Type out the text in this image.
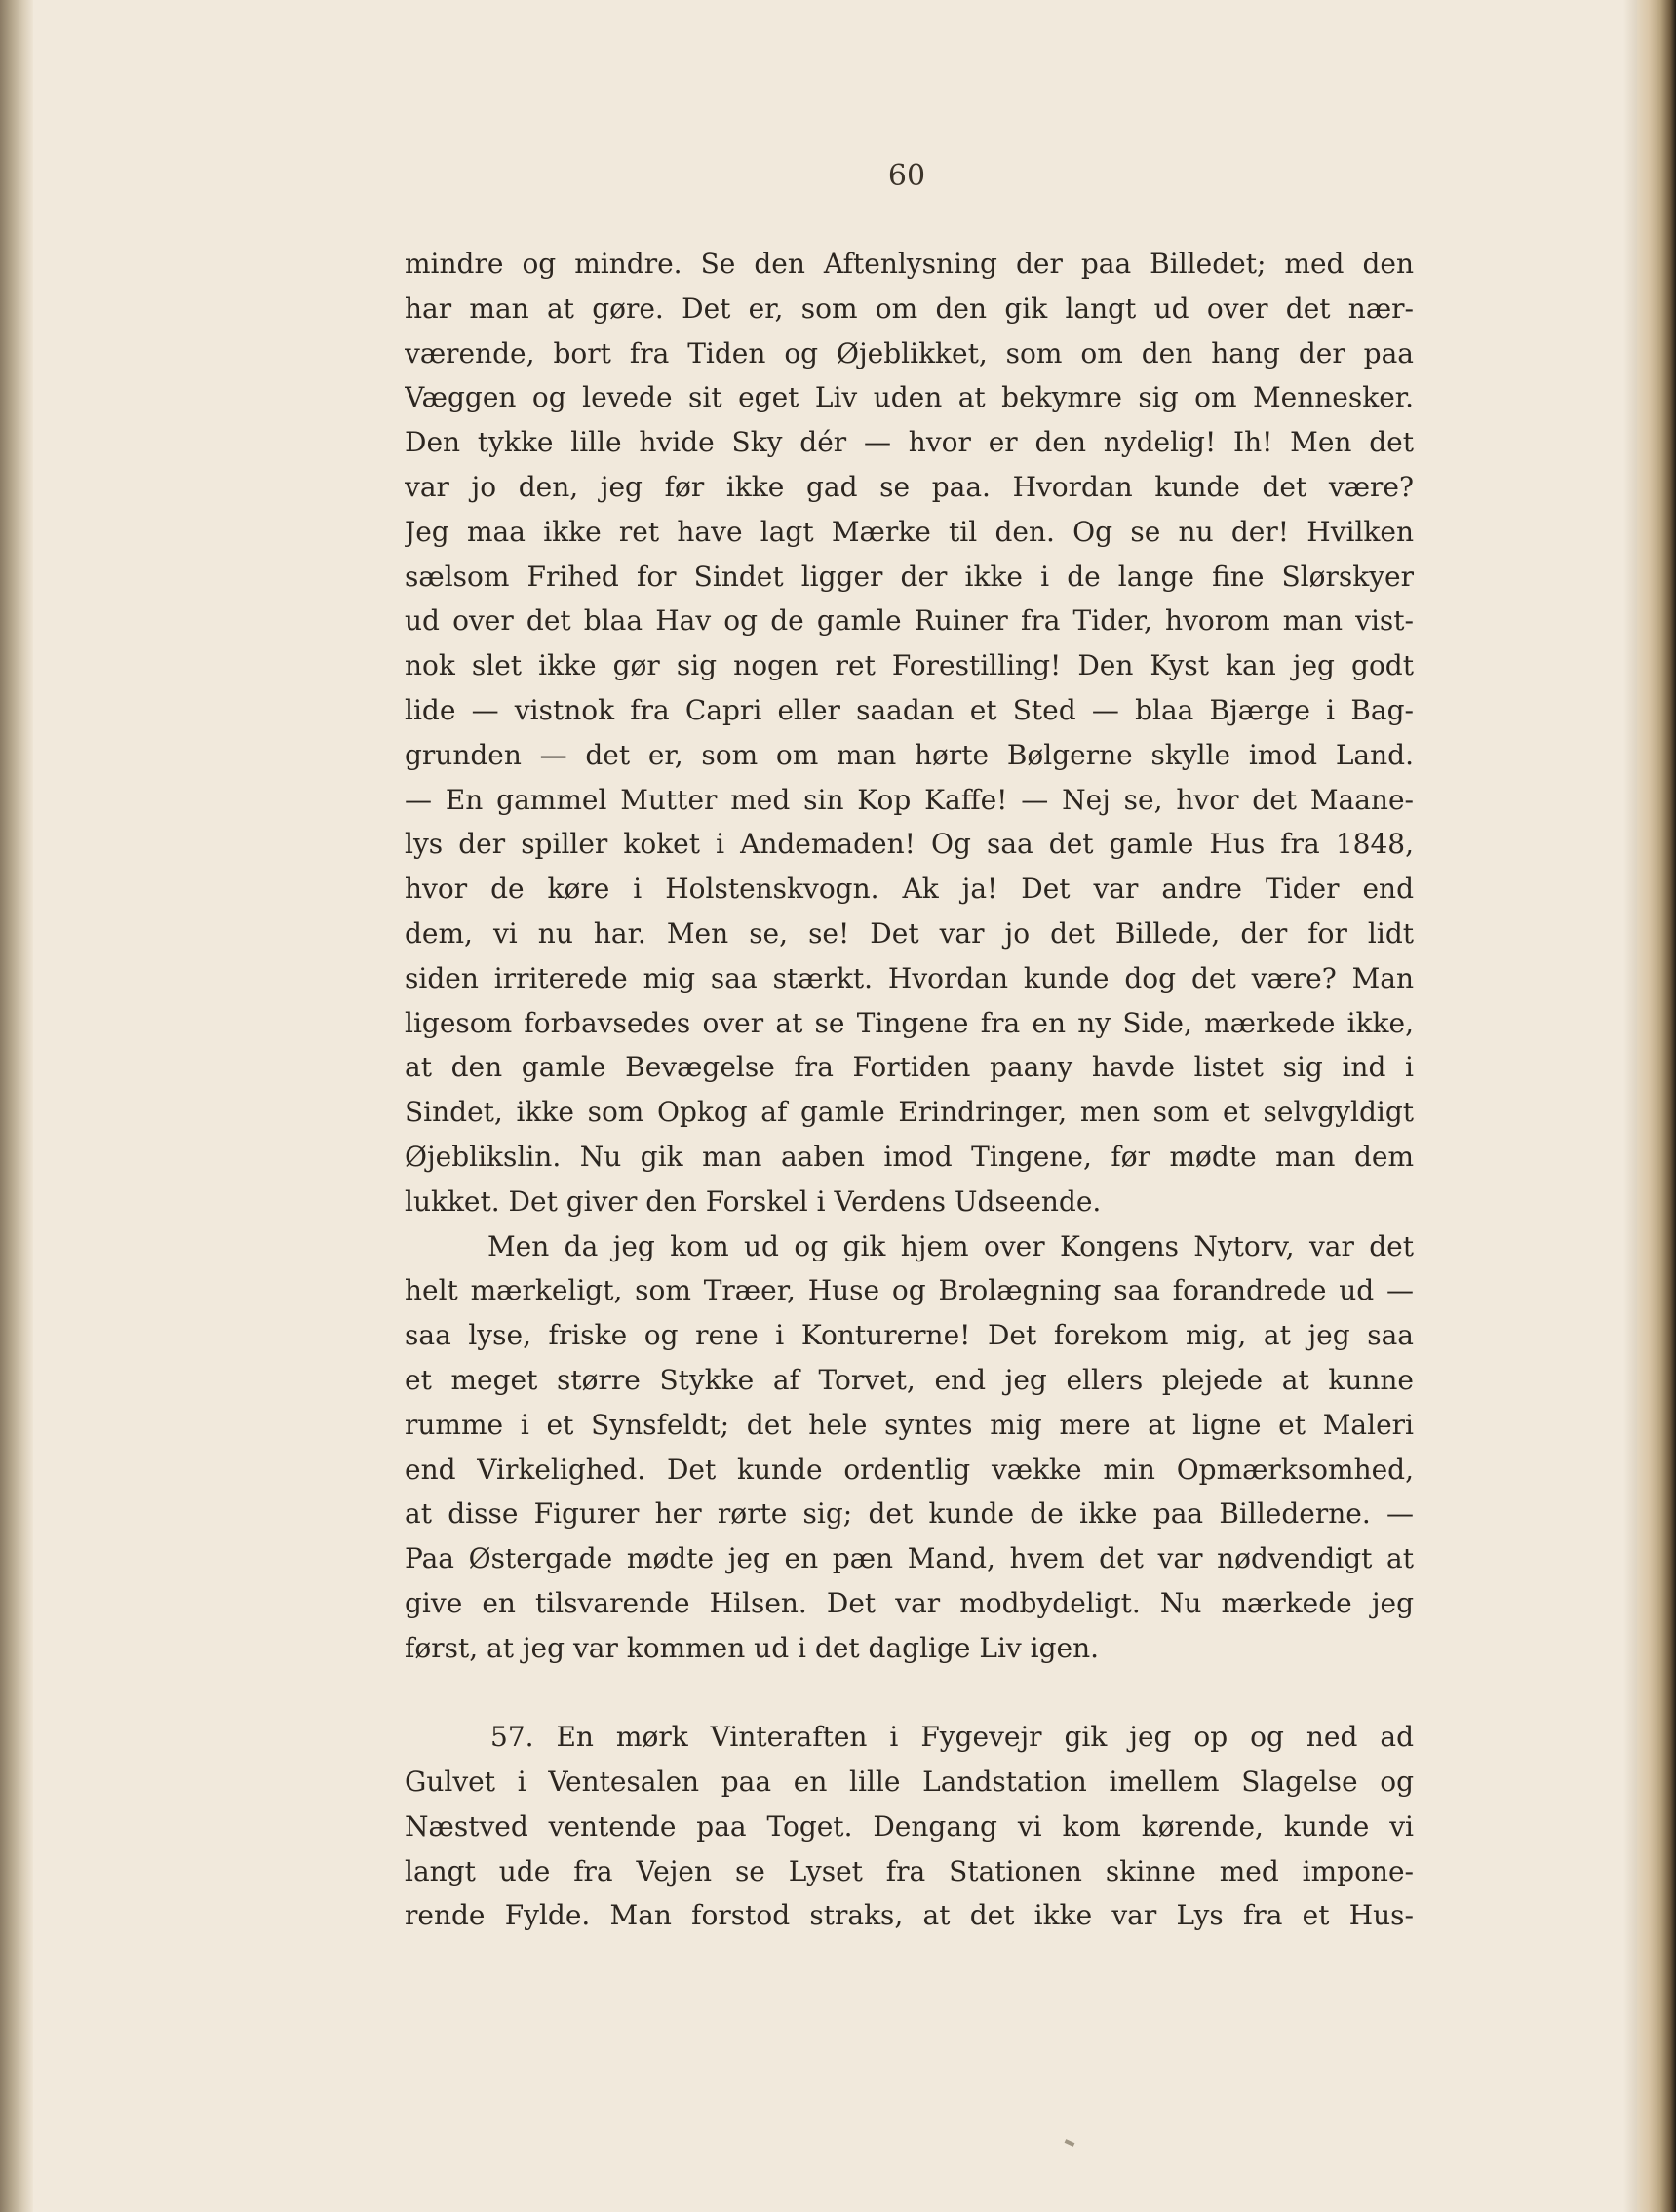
60

mindre og mindre. Se den Aftenlysning der paa Billedet; med den
har man at gøre. Det er, som om den gik langt ud over det nær-
værende, bort fra Tiden og Øjeblikket, som om den hang der paa
Væggen og levede sit eget Liv uden at bekymre sig om Mennesker.
Den tykke lille hvide Sky dér — hvor er den nydelig! Ih! Men det
var jo den, jeg før ikke gad se paa. Hvordan kunde det være?
Jeg maa ikke ret have lagt Mærke til den. Og se nu der! Hvilken
sælsom Frihed for Sindet ligger der ikke i de lange fine Slørskyer
ud over det blaa Hav og de gamle Ruiner fra Tider, hvorom man vist-
nok slet ikke gør sig nogen ret Forestilling! Den Kyst kan jeg godt
lide — vistnok fra Capri eller saadan et Sted — blaa Bjærge i Bag-
grunden — det er, som om man hørte Bølgerne skylle imod Land.
— En gammel Mutter med sin Kop Kaffe! — Nej se, hvor det Maane-
lys der spiller koket i Andemaden! Og saa det gamle Hus fra 1848,
hvor de køre i Holstenskvogn. Ak ja! Det var andre Tider end
dem, vi nu har. Men se, se! Det var jo det Billede, der for lidt
siden irriterede mig saa stærkt. Hvordan kunde dog det være? Man
ligesom forbavsedes over at se Tingene fra en ny Side, mærkede ikke,
at den gamle Bevægelse fra Fortiden paany havde listet sig ind i
Sindet, ikke som Opkog af gamle Erindringer, men som et selvgyldigt
Øjeblikslin. Nu gik man aaben imod Tingene, før mødte man dem
lukket. Det giver den Forskel i Verdens Udseende.
Men da jeg kom ud og gik hjem over Kongens Nytorv, var det
helt mærkeligt, som Træer, Huse og Brolægning saa forandrede ud —
saa lyse, friske og rene i Konturerne! Det forekom mig, at jeg saa
et meget større Stykke af Torvet, end jeg ellers plejede at kunne
rumme i et Synsfeldt; det hele syntes mig mere at ligne et Maleri
end Virkelighed. Det kunde ordentlig vække min Opmærksomhed,
at disse Figurer her rørte sig; det kunde de ikke paa Billederne. —
Paa Østergade mødte jeg en pæn Mand, hvem det var nødvendigt at
give en tilsvarende Hilsen. Det var modbydeligt. Nu mærkede jeg
først, at jeg var kommen ud i det daglige Liv igen.
57. En mørk Vinteraften i Fygevejr gik jeg op og ned ad
Gulvet i Ventesalen paa en lille Landstation imellem Slagelse og
Næstved ventende paa Toget. Dengang vi kom kørende, kunde vi
langt ude fra Vejen se Lyset fra Stationen skinne med impone-
rende Fylde. Man forstod straks, at det ikke var Lys fra et Hus-
